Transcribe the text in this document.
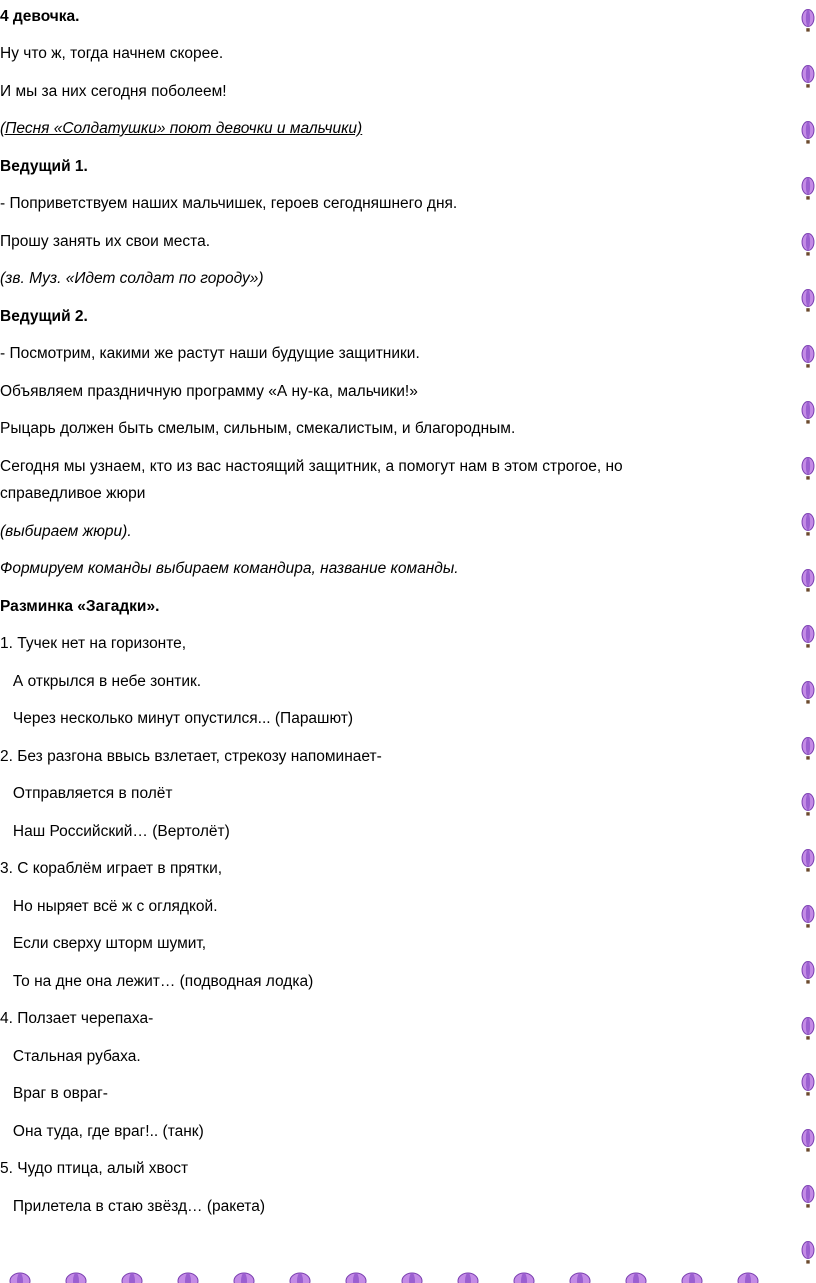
4 девочка.
Ну что ж, тогда начнем скорее.
И мы за них сегодня поболеем!
(Песня «Солдатушки» поют девочки и мальчики)
Ведущий 1.
- Поприветствуем наших мальчишек, героев сегодняшнего дня.
Прошу занять их свои места.
(зв. Муз. «Идет солдат по городу»)
Ведущий 2.
- Посмотрим, какими же растут наши будущие защитники.
Объявляем праздничную программу «А ну-ка, мальчики!»
Рыцарь должен быть смелым, сильным, смекалистым, и благородным.
Сегодня мы узнаем, кто из вас настоящий защитник, а помогут нам в этом строгое, но
справедливое жюри
(выбираем жюри).
Формируем команды выбираем командира, название команды.
Разминка «Загадки».
1. Тучек нет на горизонте,
А открылся в небе зонтик.
Через несколько минут опустился... (Парашют)
2. Без разгона ввысь взлетает, стрекозу напоминает-
Отправляется в полёт
Наш Российский… (Вертолёт)
3. С кораблём играет в прятки,
Но ныряет всё ж с оглядкой.
Если сверху шторм шумит,
То на дне она лежит… (подводная лодка)
4. Ползает черепаха-
Стальная рубаха.
Враг в овраг-
Она туда, где враг!.. (танк)
5. Чудо птица, алый хвост
Прилетела в стаю звёзд… (ракета)
